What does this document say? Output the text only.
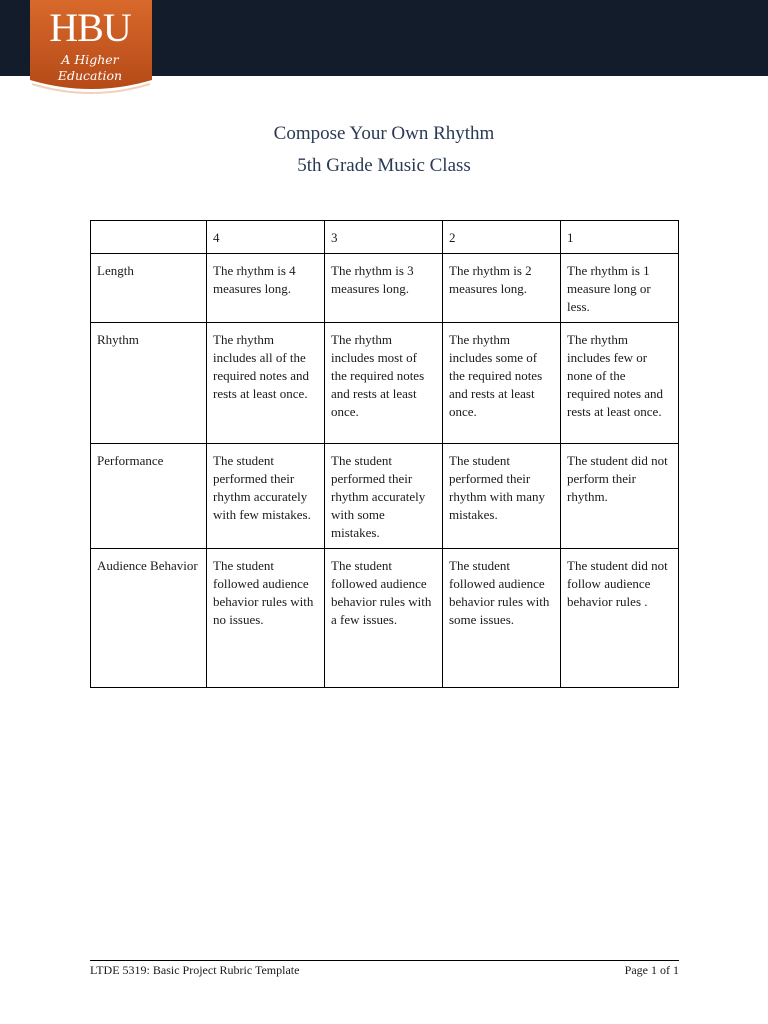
HBU
A Higher Education
Compose Your Own Rhythm
5th Grade Music Class
	4	3	2	1
Length	The rhythm is 4 measures long.	The rhythm is 3 measures long.	The rhythm is 2 measures long.	The rhythm is 1 measure long or less.
Rhythm	The rhythm includes all of the required notes and rests at least once.	The rhythm includes most of the required notes and rests at least once.	The rhythm includes some of the required notes and rests at least once.	The rhythm includes few or none of the required notes and rests at least once.
Performance	The student performed their rhythm accurately with few mistakes.	The student performed their rhythm accurately with some mistakes.	The student performed their rhythm with many mistakes.	The student did not perform their rhythm.
Audience Behavior	The student followed audience behavior rules with no issues.	The student followed audience behavior rules with a few issues.	The student followed audience behavior rules with some issues.	The student did not follow audience behavior rules .
LTDE 5319: Basic Project Rubric Template	Page 1 of 1
